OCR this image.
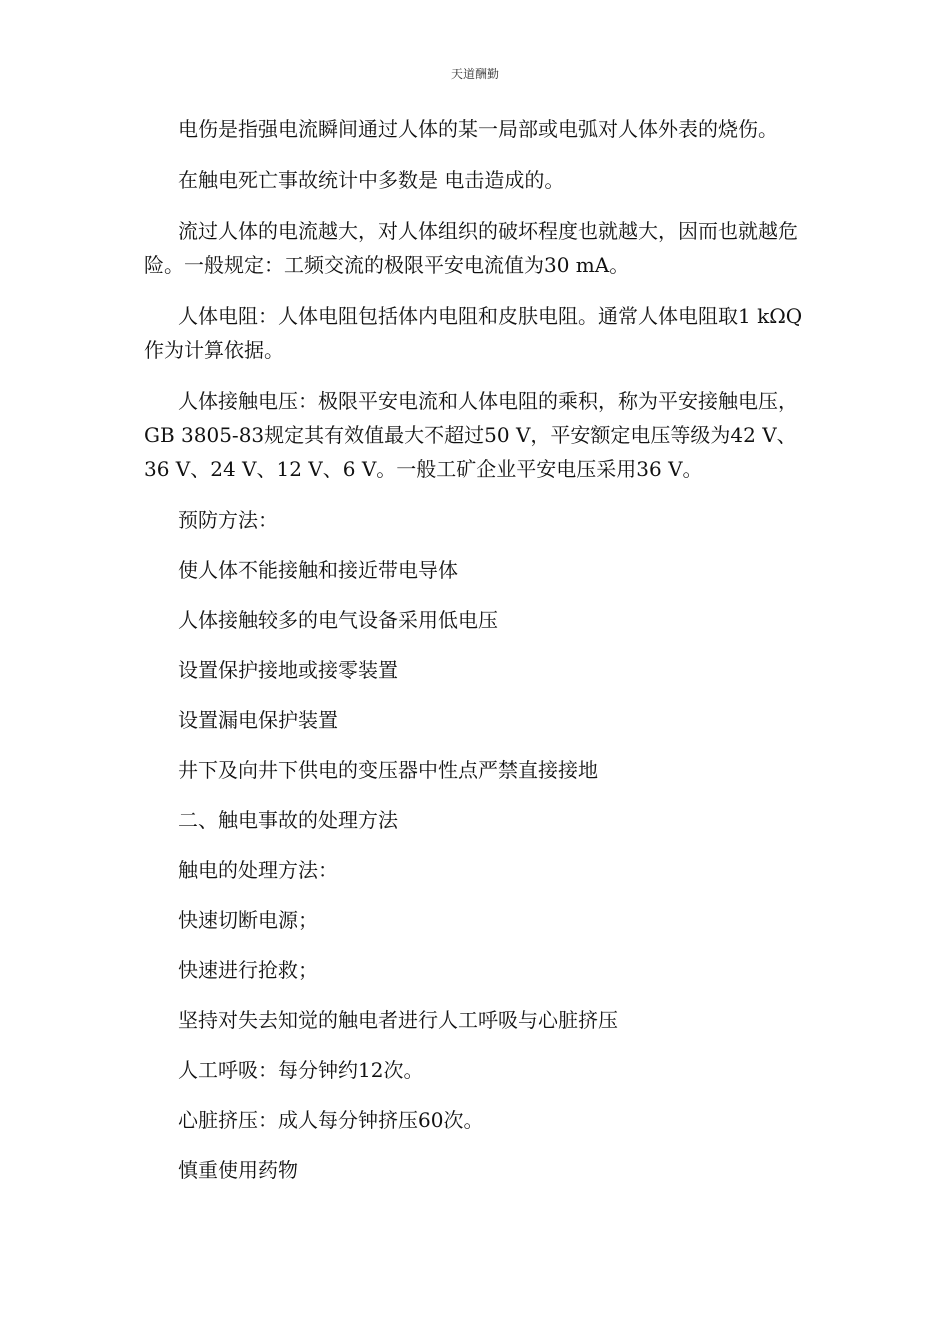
天道酬勤

电伤是指强电流瞬间通过人体的某一局部或电弧对人体外表的烧伤。

在触电死亡事故统计中多数是 电击造成的。

流过人体的电流越大，对人体组织的破坏程度也就越大，因而也就越危险。一般规定：工频交流的极限平安电流值为30 mA。

人体电阻：人体电阻包括体内电阻和皮肤电阻。通常人体电阻取1 kΩQ作为计算依据。

人体接触电压：极限平安电流和人体电阻的乘积，称为平安接触电压， GB 3805-83规定其有效值最大不超过50 V，平安额定电压等级为42 V、36 V、24 V、12 V、6 V。一般工矿企业平安电压采用36 V。

预防方法：

使人体不能接触和接近带电导体

人体接触较多的电气设备采用低电压

设置保护接地或接零装置

设置漏电保护装置

井下及向井下供电的变压器中性点严禁直接接地

二、触电事故的处理方法

触电的处理方法：

快速切断电源；

快速进行抢救；

坚持对失去知觉的触电者进行人工呼吸与心脏挤压

人工呼吸：每分钟约12次。

心脏挤压：成人每分钟挤压60次。

慎重使用药物
